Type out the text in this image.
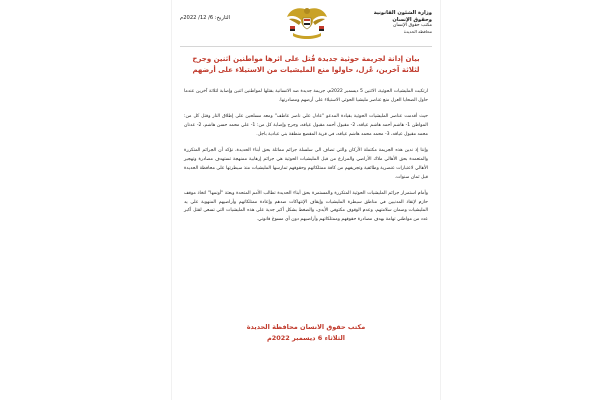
وزارة الشئون القانونية وحقوق الإنسان
مكتب حقوق الإنسان
محافظة الحديدة
التاريخ: 6/ 12/ 2022م
بيان إدانة لجريمة حوثية جديدة قُتل على اثرها مواطنين اثنين وجرح
لثلاثة آخرين، عُزل، حاولوا منع المليشيات من الاستيلاء على أرضهم

ارتكبت المليشيات الحوثية، الاثنين 5 ديسمبر 2022م، جريمة جديدة ضد الانسانية بقتلها لمواطنين اثنين وإصابة لثلاثة آخرين عندما حاول الضحايا العزل منع عناصر مليشيا الحوثي الاستيلاء على أرضهم ومصادرتها.

حيث أقدمت عناصر المليشيات الحوثية بقيادة المدعو "عادل علي ناصر عاطف" ومعه مسلحين على إطلاق النار وقتل كل من: المواطن 1- هاشم أحمد هاشم عياقه، 2- مقبول أحمد مقبول عياقه، وجرح وإصابة كل من: 1- علي محمد حسن هاشم، 2- عدنان محمد مقبول عياقه، 3- محمد محمد هاشم عياقه، في قرية المقضع منطقة بني عبادية باجل.

وإننا إذ ندين هذه الجريمة مكتملة الأركان والتي تضاف الى سلسلة جرائم مماثلة بحق أبناء الحديدة، نؤكد أن الجرائم المتكررة والمتعمدة بحق الأهالي ملاك الأراضي والمزارع من قبل المليشيات الحوثية هي جرائم إرهابية ممنهجة تستهدف مصادرة وتهجير الأهالي لاعتبارات عنصرية وطائفية وتجريفهم من كافة ممتلكاتهم وحقوقهم تمارسها المليشيات منذ سيطرتها على محافظة الحديدة قبل ثمان سنوات.

وأمام استمرار جرائم المليشيات الحوثية المتكررة والمستمرة بحق أبناء الحديدة تطالب الأمم المتحدة وبعثة "أونمها" اتخاذ موقف حازم لإنقاذ المدنيين في مناطق سيطرة المليشيات وإيقاف الإنتهاكات ضدهم وإعادة ممتلكاتهم وأراضيهم المنهوبة على يد المليشيات وضمان سلامتهم، وعدم الوقوف مكتوفي الأيدي، والضغط بشكل أكبر جدية على هذه المليشيات التي تسعى لقتل أكبر عدد من مواطني تهامة بهدف مصادرة حقوقهم وممتلكاتهم وأراضيهم دون أي مسوغ قانوني.

مكتب حقوق الانسان محافظة الحديدة
الثلاثاء 6 ديسمبر 2022م
